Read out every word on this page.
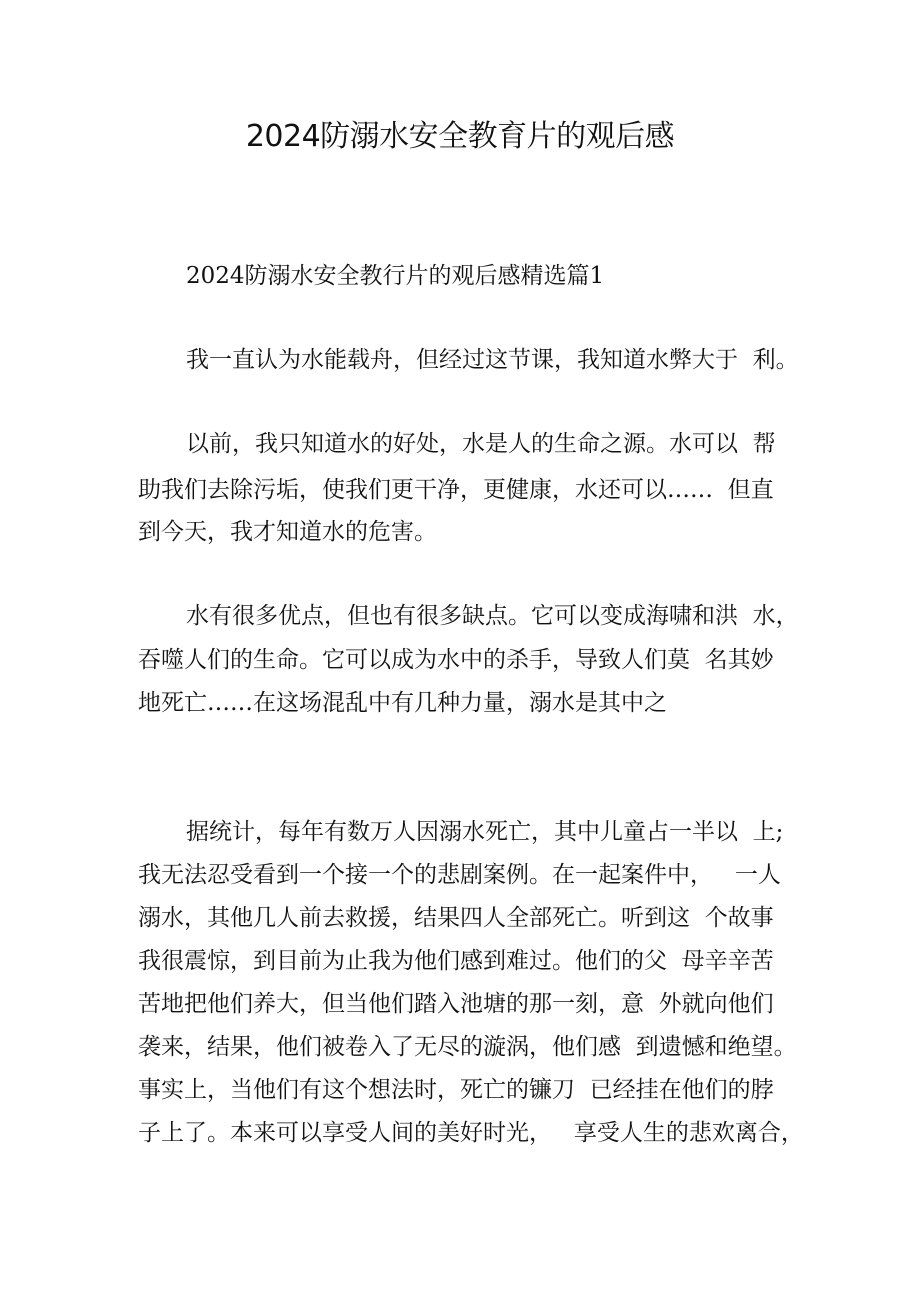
2024防溺水安全教育片的观后感

2024防溺水安全教行片的观后感精选篇1

我一直认为水能载舟，但经过这节课，我知道水弊大于  利。

以前，我只知道水的好处，水是人的生命之源。水可以  帮

助我们去除污垢，使我们更干净，更健康，水还可以……  但直

到今天，我才知道水的危害。

水有很多优点，但也有很多缺点。它可以变成海啸和洪  水，

吞噬人们的生命。它可以成为水中的杀手，导致人们莫  名其妙

地死亡……在这场混乱中有几种力量，溺水是其中之

据统计，每年有数万人因溺水死亡，其中儿童占一半以  上;

我无法忍受看到一个接一个的悲剧案例。在一起案件中，   一人

溺水，其他几人前去救援，结果四人全部死亡。听到这  个故事

我很震惊，到目前为止我为他们感到难过。他们的父  母辛辛苦

苦地把他们养大，但当他们踏入池塘的那一刻，意  外就向他们

袭来，结果，他们被卷入了无尽的漩涡，他们感  到遗憾和绝望。

事实上，当他们有这个想法时，死亡的镰刀  已经挂在他们的脖

子上了。本来可以享受人间的美好时光，   享受人生的悲欢离合，
